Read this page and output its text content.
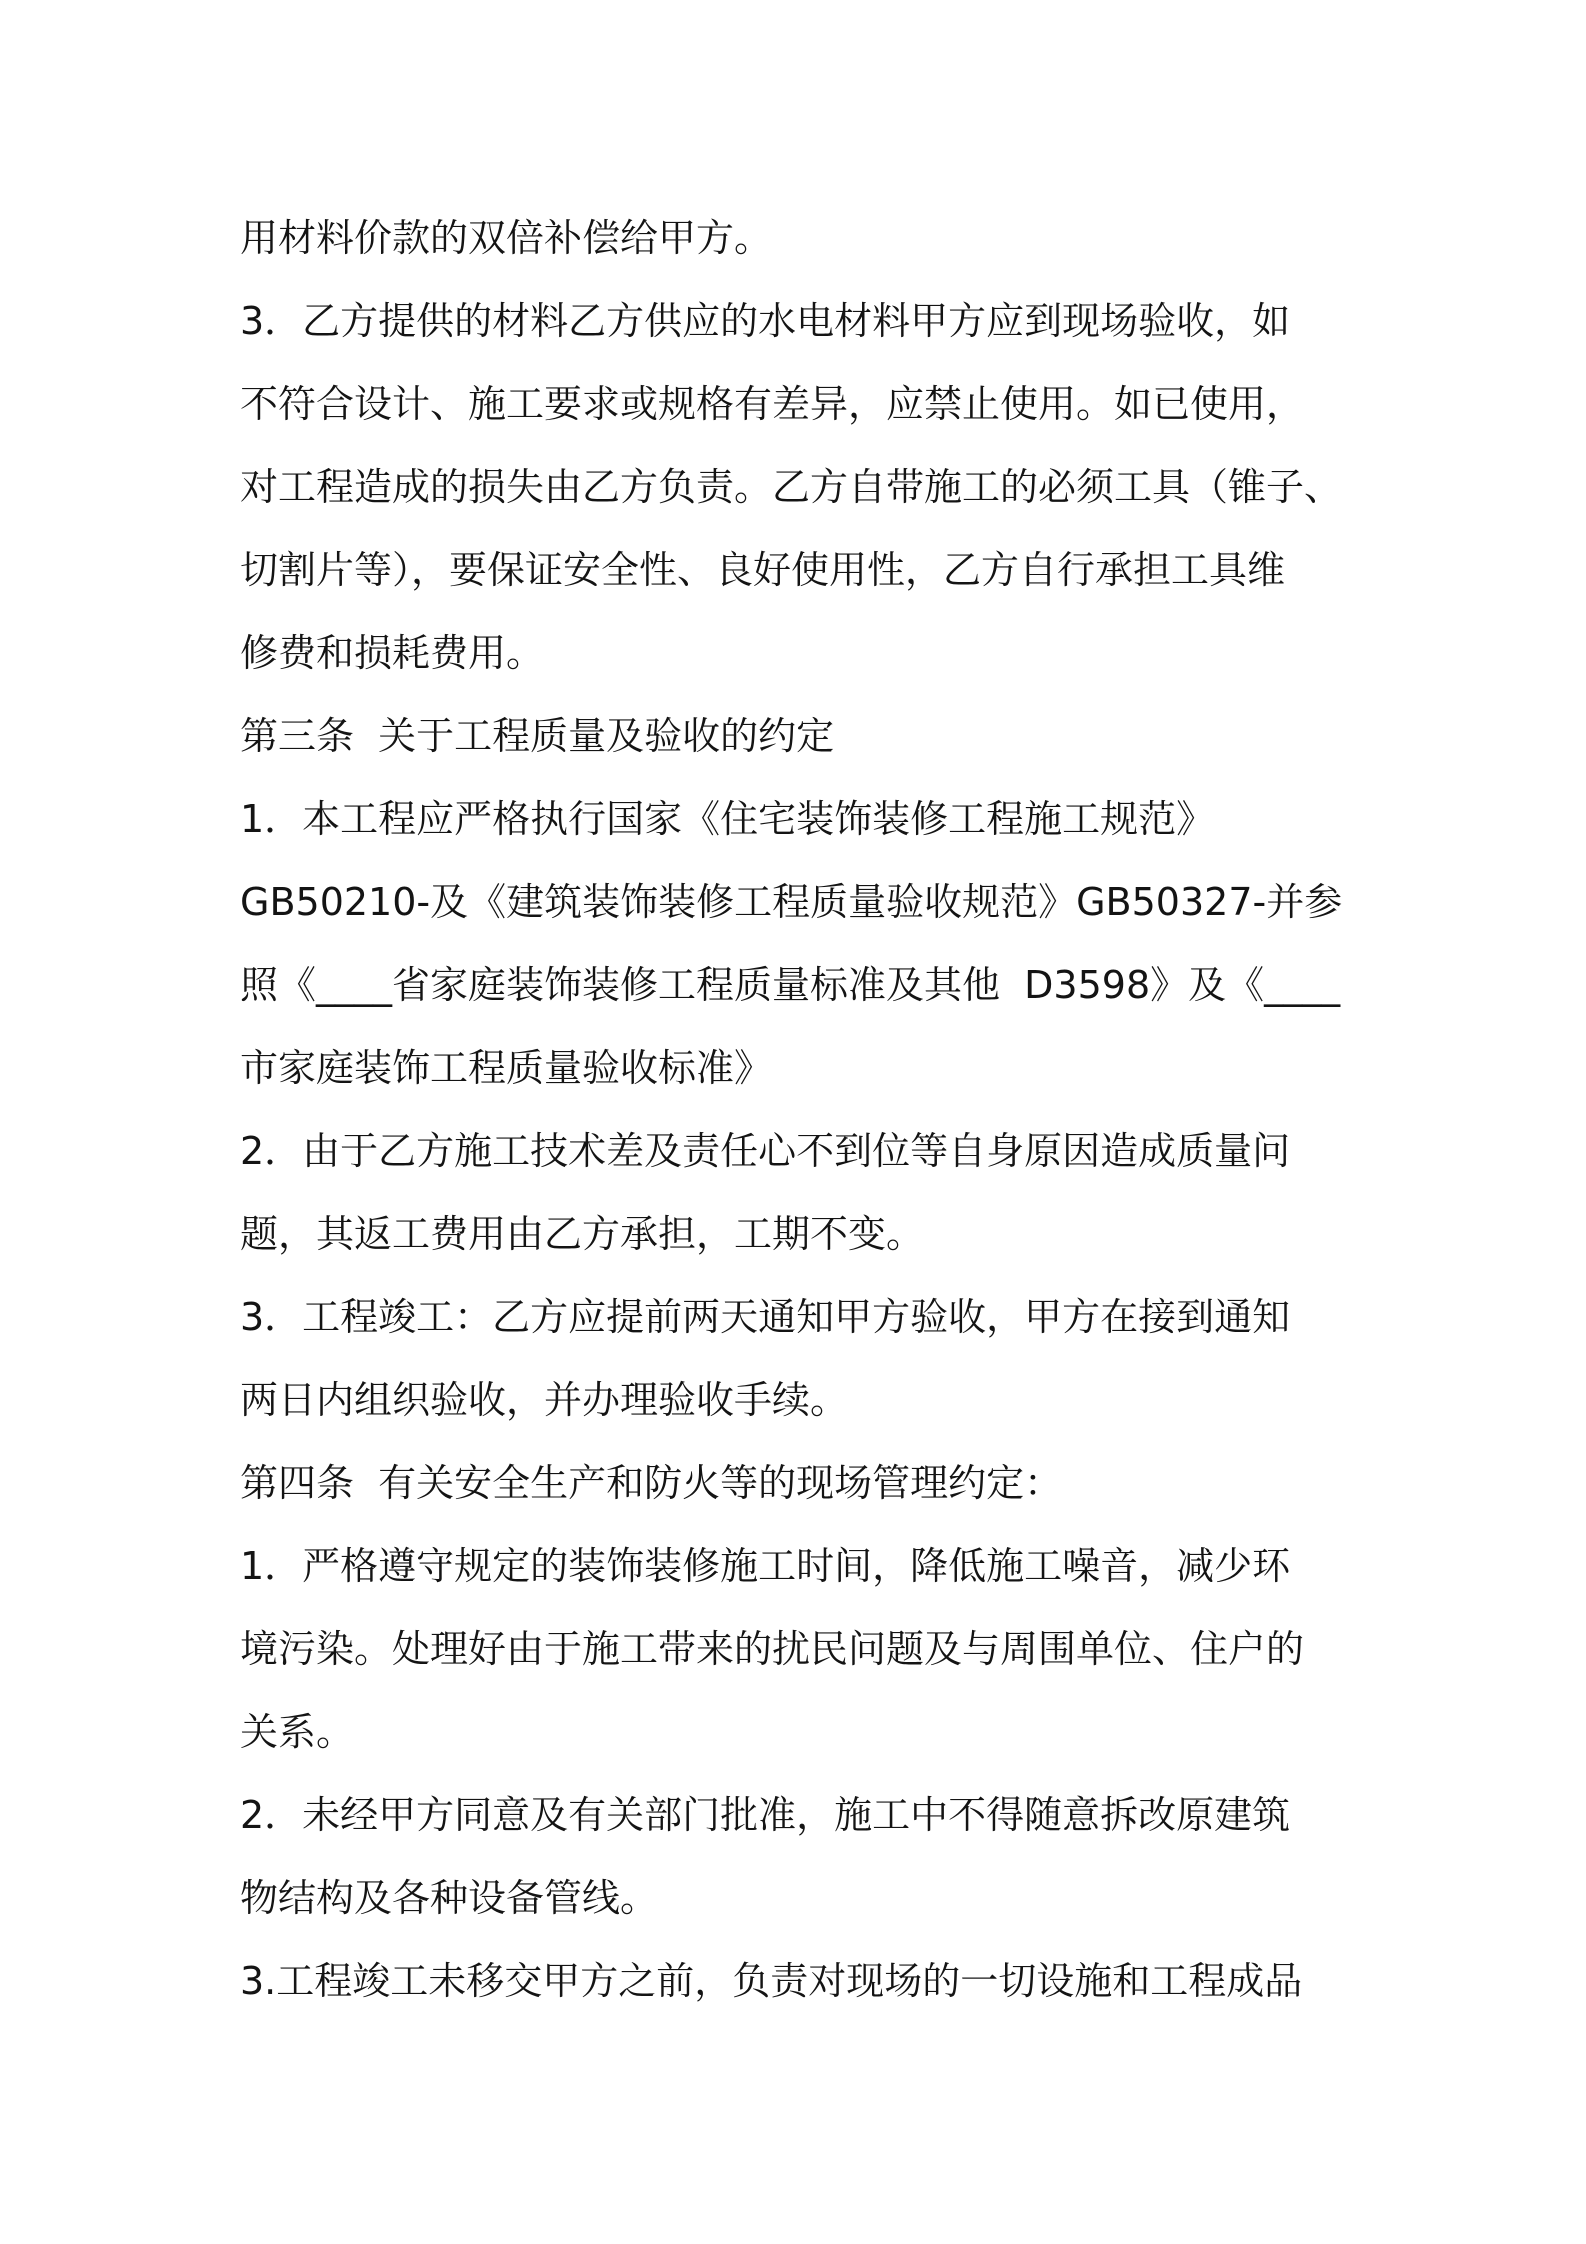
用材料价款的双倍补偿给甲方。
3．乙方提供的材料乙方供应的水电材料甲方应到现场验收，如
不符合设计、施工要求或规格有差异，应禁止使用。如已使用，
对工程造成的损失由乙方负责。乙方自带施工的必须工具（锥子、
切割片等），要保证安全性、良好使用性，乙方自行承担工具维
修费和损耗费用。
第三条  关于工程质量及验收的约定
1．本工程应严格执行国家《住宅装饰装修工程施工规范》
GB50210-及《建筑装饰装修工程质量验收规范》GB50327-并参
照《____省家庭装饰装修工程质量标准及其他  D3598》及《____
市家庭装饰工程质量验收标准》
2．由于乙方施工技术差及责任心不到位等自身原因造成质量问
题，其返工费用由乙方承担，工期不变。
3．工程竣工：乙方应提前两天通知甲方验收，甲方在接到通知
两日内组织验收，并办理验收手续。
第四条  有关安全生产和防火等的现场管理约定：
1．严格遵守规定的装饰装修施工时间，降低施工噪音，减少环
境污染。处理好由于施工带来的扰民问题及与周围单位、住户的
关系。
2．未经甲方同意及有关部门批准，施工中不得随意拆改原建筑
物结构及各种设备管线。
3.工程竣工未移交甲方之前，负责对现场的一切设施和工程成品
